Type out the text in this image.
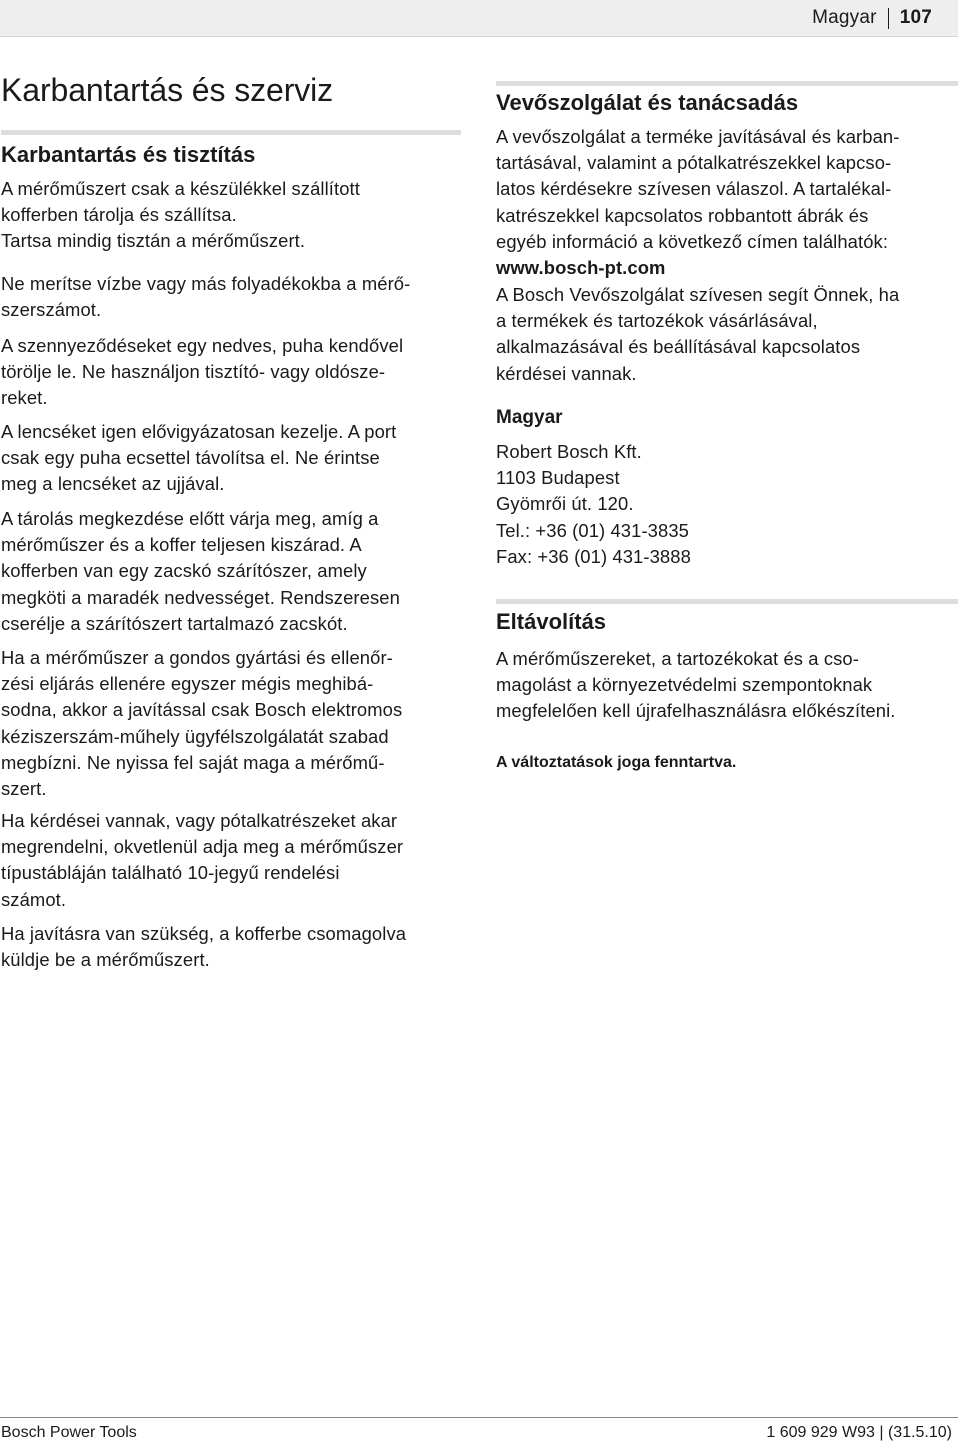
Magyar 107
Karbantartás és szerviz
Karbantartás és tisztítás

A mérőműszert csak a készülékkel szállított
kofferben tárolja és szállítsa.

Tartsa mindig tisztán a mérőműszert.

Ne merítse vízbe vagy más folyadékokba a mérő-
szerszámot.

A szennyeződéseket egy nedves, puha kendővel
törölje le. Ne használjon tisztító- vagy oldósze-
reket.

A lencséket igen elővigyázatosan kezelje. A port
csak egy puha ecsettel távolítsa el. Ne érintse
meg a lencséket az ujjával.

A tárolás megkezdése előtt várja meg, amíg a
mérőműszer és a koffer teljesen kiszárad. A
kofferben van egy zacskó szárítószer, amely
megköti a maradék nedvességet. Rendszeresen
cserélje a szárítószert tartalmazó zacskót.

Ha a mérőműszer a gondos gyártási és ellenőr-
zési eljárás ellenére egyszer mégis meghibá-
sodna, akkor a javítással csak Bosch elektromos
kéziszerszám-műhely ügyfélszolgálatát szabad
megbízni. Ne nyissa fel saját maga a mérőmű-
szert.

Ha kérdései vannak, vagy pótalkatrészeket akar
megrendelni, okvetlenül adja meg a mérőműszer
típustábláján található 10-jegyű rendelési
számot.

Ha javításra van szükség, a kofferbe csomagolva
küldje be a mérőműszert.

Vevőszolgálat és tanácsadás

A vevőszolgálat a terméke javításával és karban-
tartásával, valamint a pótalkatrészekkel kapcso-
latos kérdésekre szívesen válaszol. A tartalékal-
katrészekkel kapcsolatos robbantott ábrák és
egyéb információ a következő címen találhatók:
www.bosch-pt.com

A Bosch Vevőszolgálat szívesen segít Önnek, ha
a termékek és tartozékok vásárlásával,
alkalmazásával és beállításával kapcsolatos
kérdései vannak.

Magyar

Robert Bosch Kft.
1103 Budapest
Gyömrői út. 120.
Tel.: +36 (01) 431-3835
Fax: +36 (01) 431-3888

Eltávolítás

A mérőműszereket, a tartozékokat és a cso-
magolást a környezetvédelmi szempontoknak
megfelelően kell újrafelhasználásra előkészíteni.

A változtatások joga fenntartva.
Bosch Power Tools	1 609 929 W93 | (31.5.10)
